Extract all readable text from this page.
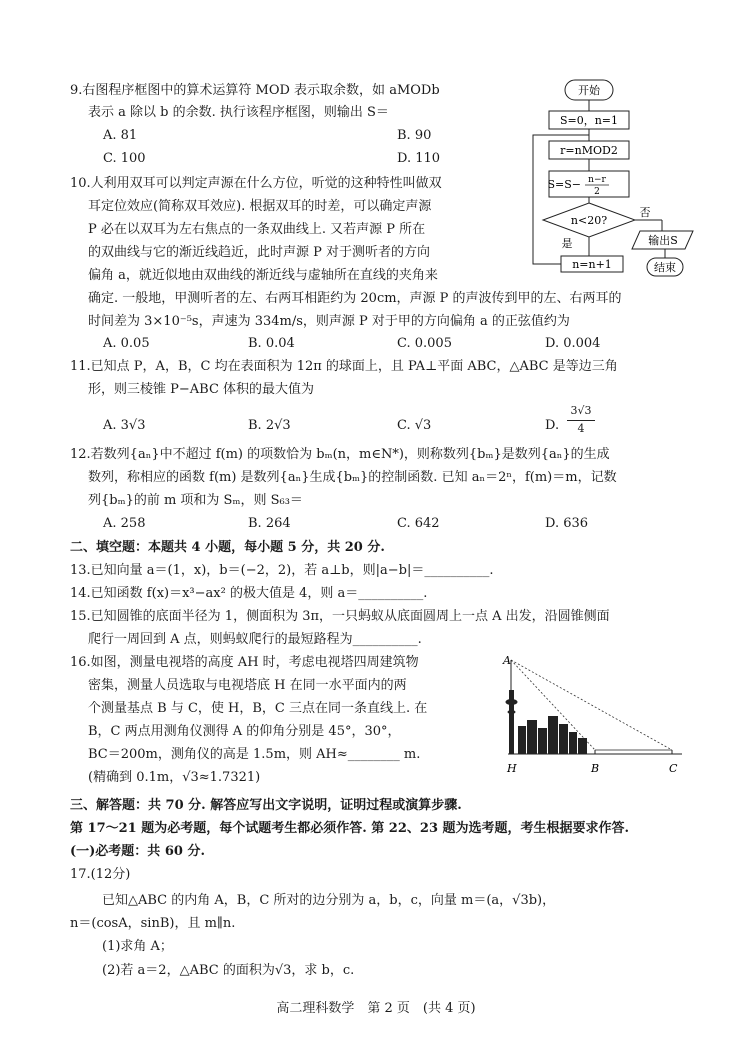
9.右图程序框图中的算术运算符 MOD 表示取余数，如 aMODb
表示 a 除以 b 的余数. 执行该程序框图，则输出 S＝
A. 81	B. 90
C. 100	D. 110
开始
S=0，n=1
r=nMOD2
S=S− n−r
2
n<20?
是
否
输出S
n=n+1	结束
10.人利用双耳可以判定声源在什么方位，听觉的这种特性叫做双
耳定位效应(简称双耳效应). 根据双耳的时差，可以确定声源
P 必在以双耳为左右焦点的一条双曲线上. 又若声源 P 所在
的双曲线与它的渐近线趋近，此时声源 P 对于测听者的方向
偏角 a，就近似地由双曲线的渐近线与虚轴所在直线的夹角来
确定. 一般地，甲测听者的左、右两耳相距约为 20cm，声源 P 的声波传到甲的左、右两耳的
时间差为 3×10⁻⁵s，声速为 334m/s，则声源 P 对于甲的方向偏角 a 的正弦值约为
A. 0.05	B. 0.04	C. 0.005	D. 0.004
11.已知点 P，A，B，C 均在表面积为 12π 的球面上，且 PA⊥平面 ABC，△ABC 是等边三角
形，则三棱锥 P−ABC 体积的最大值为
A. 3√3	B. 2√3	C. √3	D.
3√3
4
12.若数列{aₙ}中不超过 f(m) 的项数恰为 bₘ(n，m∈N*)，则称数列{bₘ}是数列{aₙ}的生成
数列，称相应的函数 f(m) 是数列{aₙ}生成{bₘ}的控制函数. 已知 aₙ＝2ⁿ，f(m)＝m，记数
列{bₘ}的前 m 项和为 Sₘ，则 S₆₃＝
A. 258	B. 264	C. 642	D. 636
二、填空题：本题共 4 小题，每小题 5 分，共 20 分.
13.已知向量 a＝(1，x)，b＝(−2，2)，若 a⊥b，则|a−b|＝__________.
14.已知函数 f(x)＝x³−ax² 的极大值是 4，则 a＝__________.
15.已知圆锥的底面半径为 1，侧面积为 3π，一只蚂蚁从底面圆周上一点 A 出发，沿圆锥侧面
爬行一周回到 A 点，则蚂蚁爬行的最短路程为__________.
16.如图，测量电视塔的高度 AH 时，考虑电视塔四周建筑物
密集，测量人员选取与电视塔底 H 在同一水平面内的两
个测量基点 B 与 C，使 H，B，C 三点在同一条直线上. 在
B，C 两点用测角仪测得 A 的仰角分别是 45°，30°，
BC＝200m，测角仪的高是 1.5m，则 AH≈________ m.
(精确到 0.1m，√3≈1.7321)
A
H	B	C
三、解答题：共 70 分. 解答应写出文字说明，证明过程或演算步骤.
第 17～21 题为必考题，每个试题考生都必须作答. 第 22、23 题为选考题，考生根据要求作答.
(一)必考题：共 60 分.
17.(12分)
已知△ABC 的内角 A，B，C 所对的边分别为 a，b，c，向量 m＝(a，√3b)，
n＝(cosA，sinB)，且 m∥n.
(1)求角 A；
(2)若 a＝2，△ABC 的面积为√3，求 b，c.
高二理科数学　第 2 页　(共 4 页)
